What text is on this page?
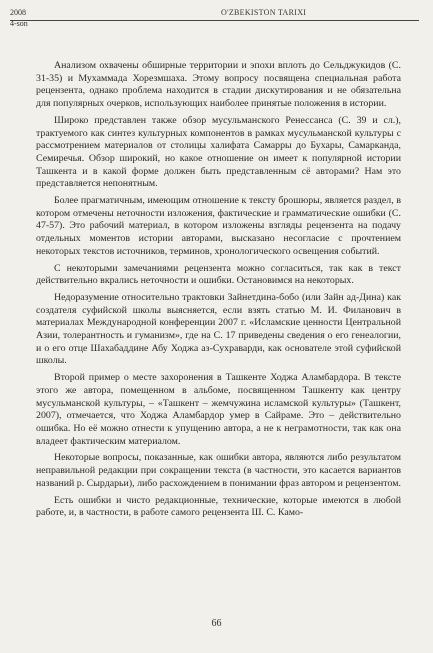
2008
4-son
O'ZBEKISTON TARIXI

Анализом охвачены обширные территории и эпохи вплоть до Сельджукидов (С. 31-35) и Мухаммада Хорезмшаха. Этому вопросу посвящена специальная работа рецензента, однако проблема находится в стадии дискутирования и не обязательна для популярных очерков, использующих наиболее принятые положения в истории.

Широко представлен также обзор мусульманского Ренессанса (С. 39 и сл.), трактуемого как синтез культурных компонентов в рамках мусульманской культуры с рассмотрением материалов от столицы халифата Самарры до Бухары, Самарканда, Семиречья. Обзор широкий, но какое отношение он имеет к популярной истории Ташкента и в какой форме должен быть представленным сё авторами? Нам это представляется непонятным.

Более прагматичным, имеющим отношение к тексту брошюры, является раздел, в котором отмечены неточности изложения, фактические и грамматические ошибки (С. 47-57). Это рабочий материал, в котором изложены взгляды рецензента на подачу отдельных моментов истории авторами, высказано несогласие с прочтением некоторых текстов источников, терминов, хронологического освещения событий.

С некоторыми замечаниями рецензента можно согласиться, так как в текст действительно вкрались неточности и ошибки. Остановимся на некоторых.

Недоразумение относительно трактовки Зайнетдина-бобо (или Зайн ад-Дина) как создателя суфийской школы выясняется, если взять статью М. И. Филанович в материалах Международной конференции 2007 г. «Исламские ценности Центральной Азии, толерантность и гуманизм», где на С. 17 приведены сведения о его генеалогии, и о его отце Шахабаддине Абу Ходжа аз-Сухраварди, как основателе этой суфийской школы.

Второй пример о месте захоронения в Ташкенте Ходжа Аламбардора. В тексте этого же автора, помещенном в альбоме, посвященном Ташкенту как центру мусульманской культуры, – «Ташкент – жемчужина исламской культуры» (Ташкент, 2007), отмечается, что Ходжа Аламбардор умер в Сайраме. Это – действительно ошибка. Но её можно отнести к упущению автора, а не к неграмотности, так как она владеет фактическим материалом.

Некоторые вопросы, показанные, как ошибки автора, являются либо результатом неправильной редакции при сокращении текста (в частности, это касается вариантов названий р. Сырдарьи), либо расхождением в понимании фраз автором и рецензентом.

Есть ошибки и чисто редакционные, технические, которые имеются в любой работе, и, в частности, в работе самого рецензента Ш. С. Камо-

66
